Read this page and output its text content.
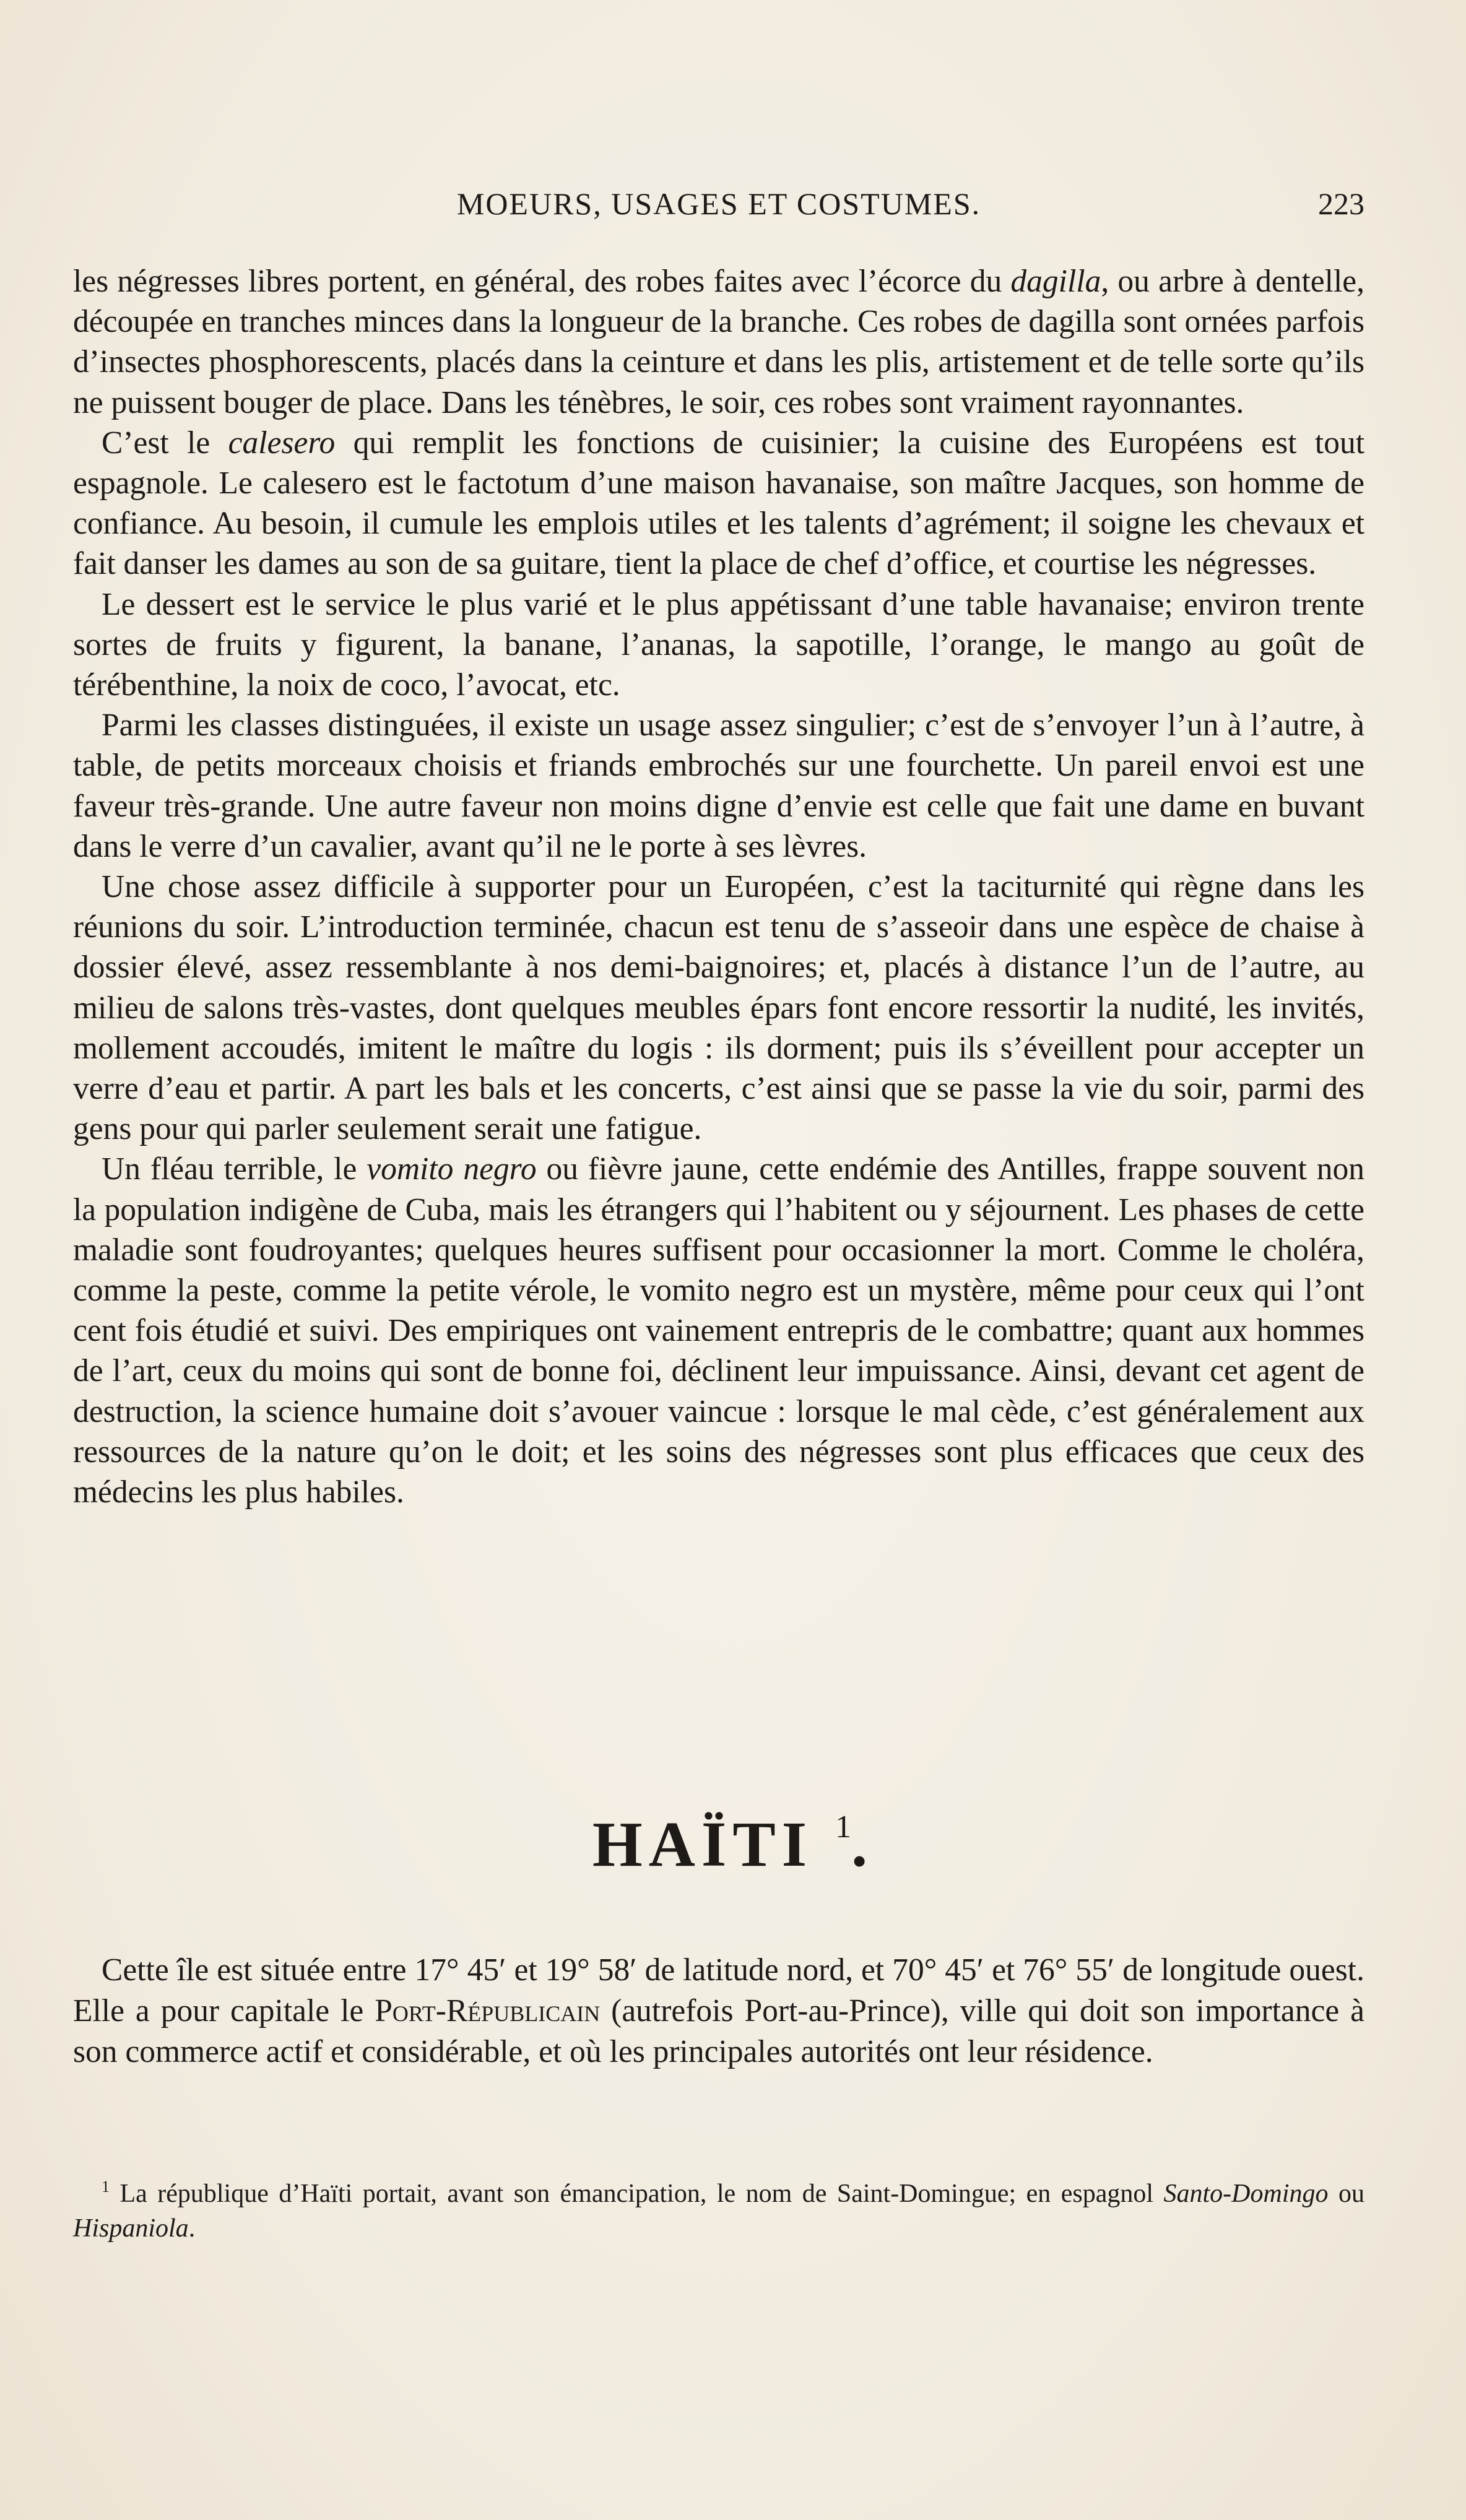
MOEURS, USAGES ET COSTUMES.	223

les négresses libres portent, en général, des robes faites avec l’écorce du dagilla, ou arbre à dentelle, découpée en tranches minces dans la longueur de la branche. Ces robes de dagilla sont ornées parfois d’insectes phosphorescents, placés dans la ceinture et dans les plis, artistement et de telle sorte qu’ils ne puissent bouger de place. Dans les ténèbres, le soir, ces robes sont vraiment rayonnantes.

C’est le calesero qui remplit les fonctions de cuisinier; la cuisine des Européens est tout espagnole. Le calesero est le factotum d’une maison havanaise, son maître Jacques, son homme de confiance. Au besoin, il cumule les emplois utiles et les talents d’agrément; il soigne les chevaux et fait danser les dames au son de sa guitare, tient la place de chef d’office, et courtise les négresses.

Le dessert est le service le plus varié et le plus appétissant d’une table havanaise; environ trente sortes de fruits y figurent, la banane, l’ananas, la sapotille, l’orange, le mango au goût de térébenthine, la noix de coco, l’avocat, etc.

Parmi les classes distinguées, il existe un usage assez singulier; c’est de s’envoyer l’un à l’autre, à table, de petits morceaux choisis et friands embrochés sur une fourchette. Un pareil envoi est une faveur très-grande. Une autre faveur non moins digne d’envie est celle que fait une dame en buvant dans le verre d’un cavalier, avant qu’il ne le porte à ses lèvres.

Une chose assez difficile à supporter pour un Européen, c’est la taciturnité qui règne dans les réunions du soir. L’introduction terminée, chacun est tenu de s’asseoir dans une espèce de chaise à dossier élevé, assez ressemblante à nos demi-baignoires; et, placés à distance l’un de l’autre, au milieu de salons très-vastes, dont quelques meubles épars font encore ressortir la nudité, les invités, mollement accoudés, imitent le maître du logis : ils dorment; puis ils s’éveillent pour accepter un verre d’eau et partir. A part les bals et les concerts, c’est ainsi que se passe la vie du soir, parmi des gens pour qui parler seulement serait une fatigue.

Un fléau terrible, le vomito negro ou fièvre jaune, cette endémie des Antilles, frappe souvent non la population indigène de Cuba, mais les étrangers qui l’habitent ou y séjournent. Les phases de cette maladie sont foudroyantes; quelques heures suffisent pour occasionner la mort. Comme le choléra, comme la peste, comme la petite vérole, le vomito negro est un mystère, même pour ceux qui l’ont cent fois étudié et suivi. Des empiriques ont vainement entrepris de le combattre; quant aux hommes de l’art, ceux du moins qui sont de bonne foi, déclinent leur impuissance. Ainsi, devant cet agent de destruction, la science humaine doit s’avouer vaincue : lorsque le mal cède, c’est généralement aux ressources de la nature qu’on le doit; et les soins des négresses sont plus efficaces que ceux des médecins les plus habiles.

HAÏTI $^1$.

Cette île est située entre 17° 45′ et 19° 58′ de latitude nord, et 70° 45′ et 76° 55′ de longitude ouest. Elle a pour capitale le Port-Républicain (autrefois Port-au-Prince), ville qui doit son importance à son commerce actif et considérable, et où les principales autorités ont leur résidence.

$^1$ La république d’Haïti portait, avant son émancipation, le nom de Saint-Domingue; en espagnol Santo-Domingo ou Hispaniola.
